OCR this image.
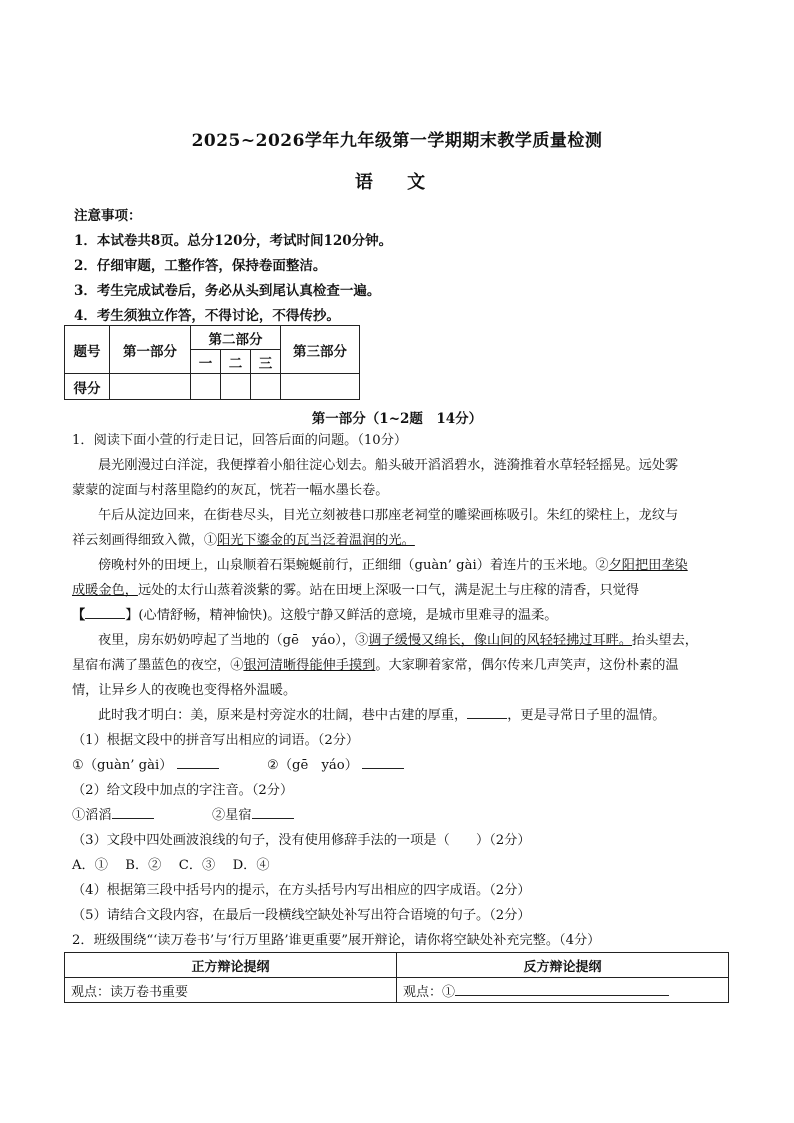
2025~2026学年九年级第一学期期末教学质量检测
语 文
注意事项：
1．本试卷共8页。总分120分，考试时间120分钟。
2．仔细审题，工整作答，保持卷面整洁。
3．考生完成试卷后，务必从头到尾认真检查一遍。
4．考生须独立作答，不得讨论，不得传抄。
题号	第一部分	第二部分			第三部分
		一	二	三	
得分					
第一部分（1~2题　14分）
1．阅读下面小萱的行走日记，回答后面的问题。（10分）
晨光刚漫过白洋淀，我便撑着小船往淀心划去。船头破开滔滔碧水，涟漪推着水草轻轻摇晃。远处雾
蒙蒙的淀面与村落里隐约的灰瓦，恍若一幅水墨长卷。
午后从淀边回来，在街巷尽头，目光立刻被巷口那座老祠堂的雕梁画栋吸引。朱红的梁柱上，龙纹与
祥云刻画得细致入微，①阳光下鎏金的瓦当泛着温润的光。
傍晚村外的田埂上，山泉顺着石渠蜿蜒前行，正细细（guàn’ gài）着连片的玉米地。②夕阳把田垄染
成暖金色，远处的太行山蒸着淡紫的雾。站在田埂上深吸一口气，满是泥土与庄稼的清香，只觉得
【	】(心情舒畅，精神愉快)。这般宁静又鲜活的意境，是城市里难寻的温柔。
夜里，房东奶奶哼起了当地的（gē　yáo），③调子缓慢又绵长，像山间的风轻轻拂过耳畔。抬头望去，
星宿布满了墨蓝色的夜空，④银河清晰得能伸手摸到。大家聊着家常，偶尔传来几声笑声，这份朴素的温
情，让异乡人的夜晚也变得格外温暖。
此时我才明白：美，原来是村旁淀水的壮阔，巷中古建的厚重，	，更是寻常日子里的温情。
（1）根据文段中的拼音写出相应的词语。（2分）
①（guàn’ gài）	②（gē　yáo）
（2）给文段中加点的字注音。（2分）
①滔滔	②星宿
（3）文段中四处画波浪线的句子，没有使用修辞手法的一项是（　　）（2分）
A．①　 B．②　 C．③　 D．④
（4）根据第三段中括号内的提示，在方头括号内写出相应的四字成语。（2分）
（5）请结合文段内容，在最后一段横线空缺处补写出符合语境的句子。（2分）
2．班级围绕“‘读万卷书’与‘行万里路’谁更重要”展开辩论，请你将空缺处补充完整。（4分）
正方辩论提纲	反方辩论提纲
观点：读万卷书重要	观点：①
